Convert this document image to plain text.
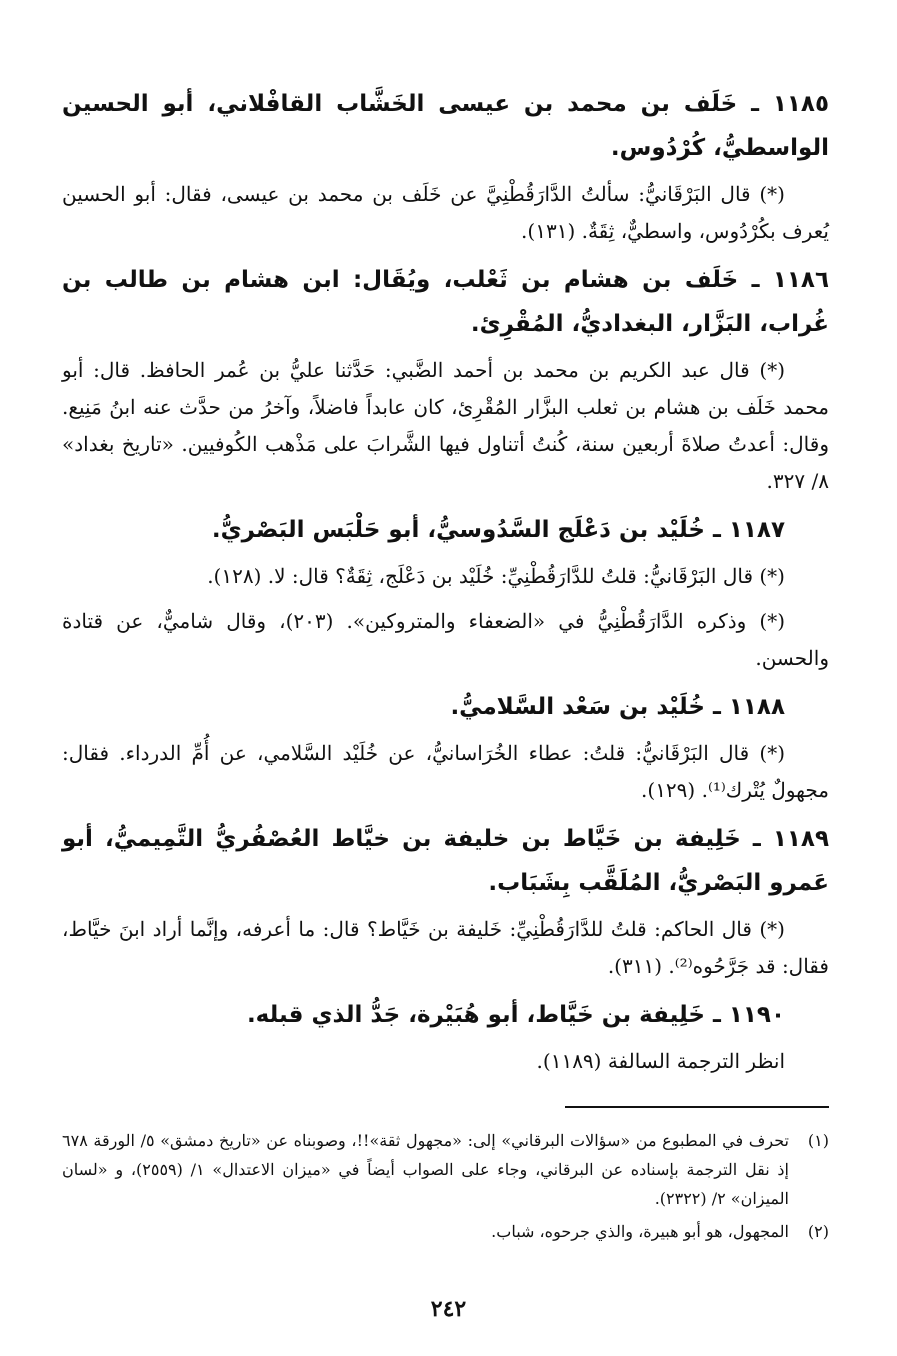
١١٨٥ ـ خَلَف بن محمد بن عيسى الخَشَّاب القافْلاني، أبو الحسين الواسطيُّ، كُرْدُوس.

(*) قال البَرْقَانيُّ: سألتُ الدَّارَقُطْنِيَّ عن خَلَف بن محمد بن عيسى، فقال: أبو الحسين يُعرف بكُرْدُوس، واسطيٌّ، ثِقَةٌ. (١٣١).

١١٨٦ ـ خَلَف بن هشام بن ثَعْلب، ويُقَال: ابن هشام بن طالب بن غُراب، البَزَّار، البغداديُّ، المُقْرِئ.

(*) قال عبد الكريم بن محمد بن أحمد الضَّبي: حَدَّثنا عليُّ بن عُمر الحافظ. قال: أبو محمد خَلَف بن هشام بن ثعلب البزَّار المُقْرِئ، كان عابداً فاضلاً، وآخرُ من حدَّث عنه ابنُ مَنِيع. وقال: أعدتُ صلاةَ أربعين سنة، كُنتُ أتناول فيها الشَّرابَ على مَذْهب الكُوفيين. «تاريخ بغداد» ٨/ ٣٢٧.

١١٨٧ ـ خُلَيْد بن دَعْلَج السَّدُوسيُّ، أبو حَلْبَس البَصْريُّ.

(*) قال البَرْقَانيُّ: قلتُ للدَّارَقُطْنِيِّ: خُلَيْد بن دَعْلَج، ثِقَةٌ؟ قال: لا. (١٢٨).

(*) وذكره الدَّارَقُطْنِيُّ في «الضعفاء والمتروكين». (٢٠٣)، وقال شاميٌّ، عن قتادة والحسن.

١١٨٨ ـ خُلَيْد بن سَعْد السَّلاميُّ.

(*) قال البَرْقَانيُّ: قلتُ: عطاء الخُرَاسانيُّ، عن خُلَيْد السَّلامي، عن أُمِّ الدرداء. فقال: مجهولٌ يُتْرك⁽¹⁾. (١٢٩).

١١٨٩ ـ خَلِيفة بن خَيَّاط بن خليفة بن خيَّاط العُصْفُريُّ التَّمِيميُّ، أبو عَمرو البَصْريُّ، المُلَقَّب بِشَبَاب.

(*) قال الحاكم: قلتُ للدَّارَقُطْنِيِّ: خَليفة بن خَيَّاط؟ قال: ما أعرفه، وإنَّما أراد ابنَ خيَّاط، فقال: قد جَرَّحُوه⁽²⁾. (٣١١).

١١٩٠ ـ خَلِيفة بن خَيَّاط، أبو هُبَيْرة، جَدُّ الذي قبله.

انظر الترجمة السالفة (١١٨٩).

(١)
تحرف في المطبوع من «سؤالات البرقاني» إلى: «مجهول ثقة»!!، وصوبناه عن «تاريخ دمشق» ٥/ الورقة ٦٧٨ إذ نقل الترجمة بإسناده عن البرقاني، وجاء على الصواب أيضاً في «ميزان الاعتدال» ١/ (٢٥٥٩)، و «لسان الميزان» ٢/ (٢٣٢٢).
(٢)
المجهول، هو أبو هبيرة، والذي جرحوه، شباب.
٢٤٢
